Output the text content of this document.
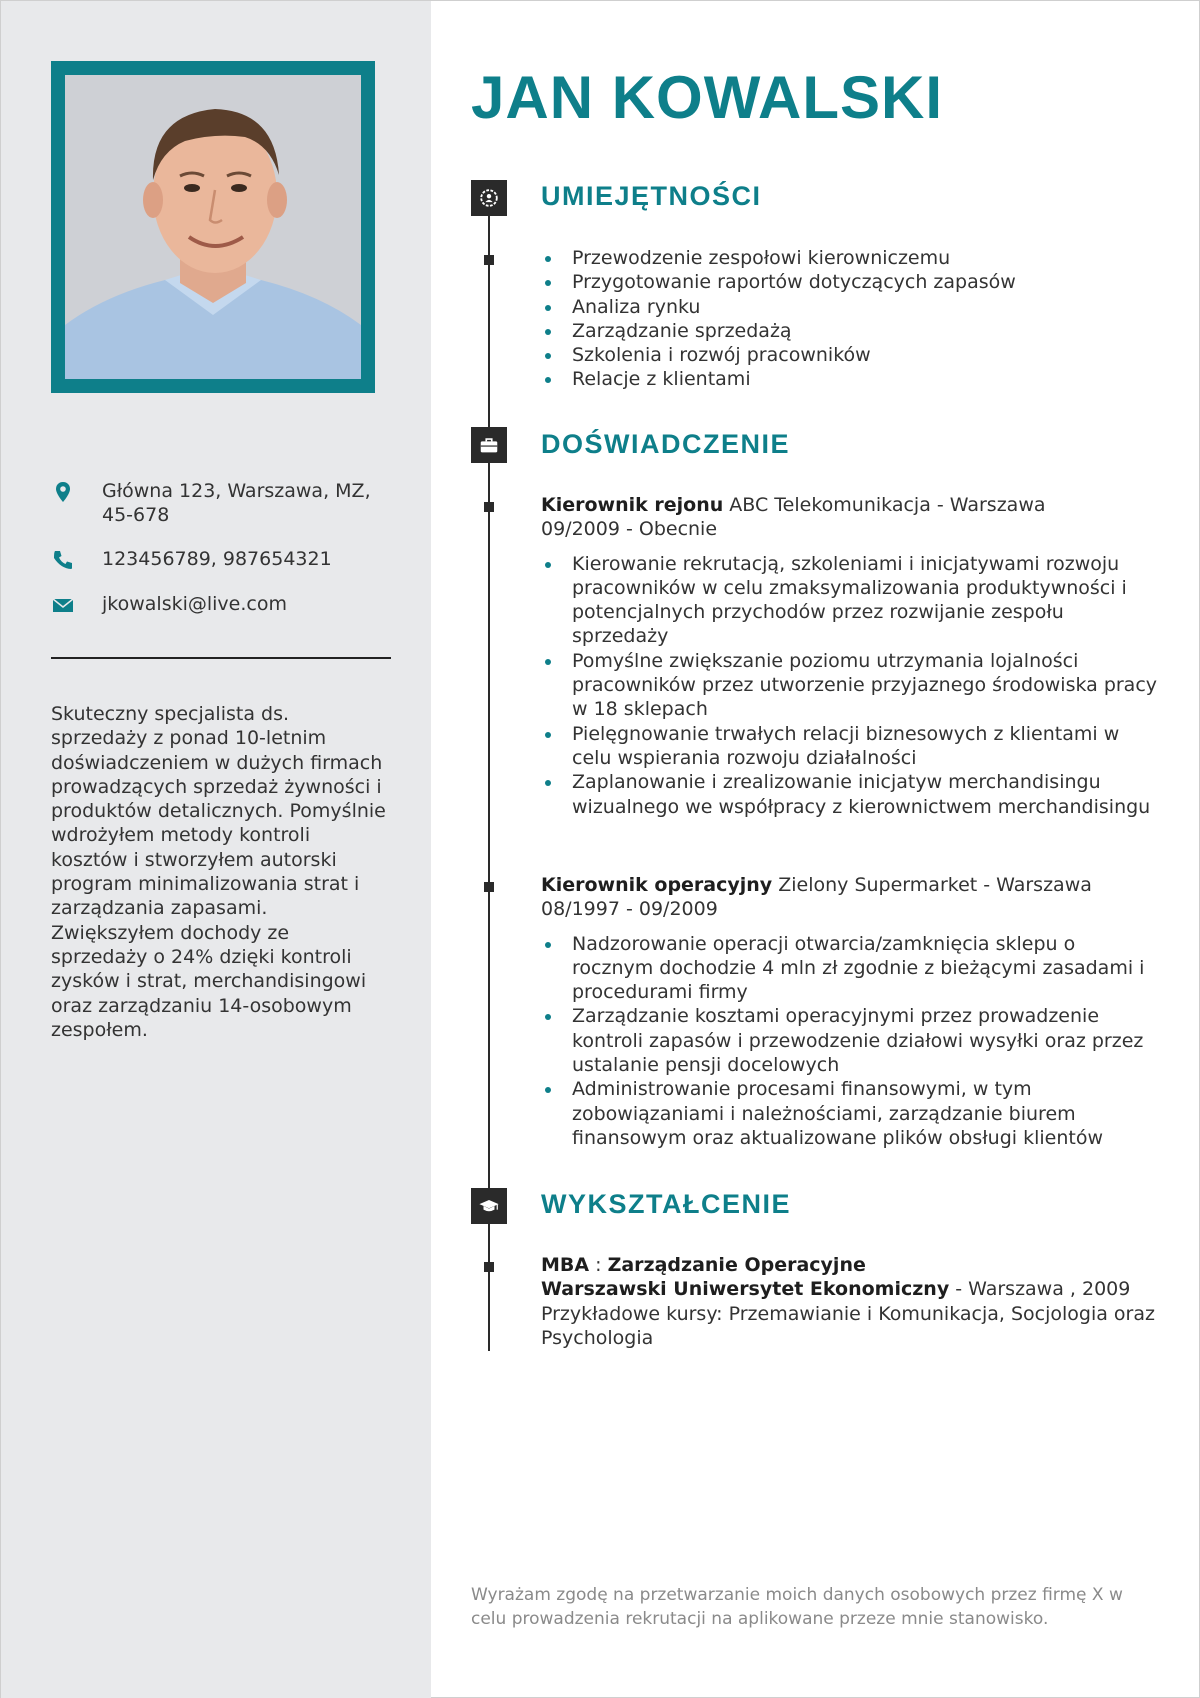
Główna 123, Warszawa, MZ, 45-678
123456789, 987654321
jkowalski@live.com
Skuteczny specjalista ds. sprzedaży z ponad 10-letnim doświadczeniem w dużych firmach prowadzących sprzedaż żywności i produktów detalicznych. Pomyślnie wdrożyłem metody kontroli kosztów i stworzyłem autorski program minimalizowania strat i zarządzania zapasami. Zwiększyłem dochody ze sprzedaży o 24% dzięki kontroli zysków i strat, merchandisingowi oraz zarządzaniu 14-osobowym zespołem.
JAN KOWALSKI
UMIEJĘTNOŚCI
Przewodzenie zespołowi kierowniczemu
Przygotowanie raportów dotyczących zapasów
Analiza rynku
Zarządzanie sprzedażą
Szkolenia i rozwój pracowników
Relacje z klientami
DOŚWIADCZENIE
Kierownik rejonu ABC Telekomunikacja - Warszawa
09/2009 - Obecnie
Kierowanie rekrutacją, szkoleniami i inicjatywami rozwoju pracowników w celu zmaksymalizowania produktywności i potencjalnych przychodów przez rozwijanie zespołu sprzedaży
Pomyślne zwiększanie poziomu utrzymania lojalności pracowników przez utworzenie przyjaznego środowiska pracy w 18 sklepach
Pielęgnowanie trwałych relacji biznesowych z klientami w celu wspierania rozwoju działalności
Zaplanowanie i zrealizowanie inicjatyw merchandisingu wizualnego we współpracy z kierownictwem merchandisingu
Kierownik operacyjny Zielony Supermarket - Warszawa
08/1997 - 09/2009
Nadzorowanie operacji otwarcia/zamknięcia sklepu o rocznym dochodzie 4 mln zł zgodnie z bieżącymi zasadami i procedurami firmy
Zarządzanie kosztami operacyjnymi przez prowadzenie kontroli zapasów i przewodzenie działowi wysyłki oraz przez ustalanie pensji docelowych
Administrowanie procesami finansowymi, w tym zobowiązaniami i należnościami, zarządzanie biurem finansowym oraz aktualizowane plików obsługi klientów
WYKSZTAŁCENIE
MBA : Zarządzanie Operacyjne
Warszawski Uniwersytet Ekonomiczny - Warszawa , 2009
Przykładowe kursy: Przemawianie i Komunikacja, Socjologia oraz Psychologia
Wyrażam zgodę na przetwarzanie moich danych osobowych przez firmę X w celu prowadzenia rekrutacji na aplikowane przeze mnie stanowisko.
